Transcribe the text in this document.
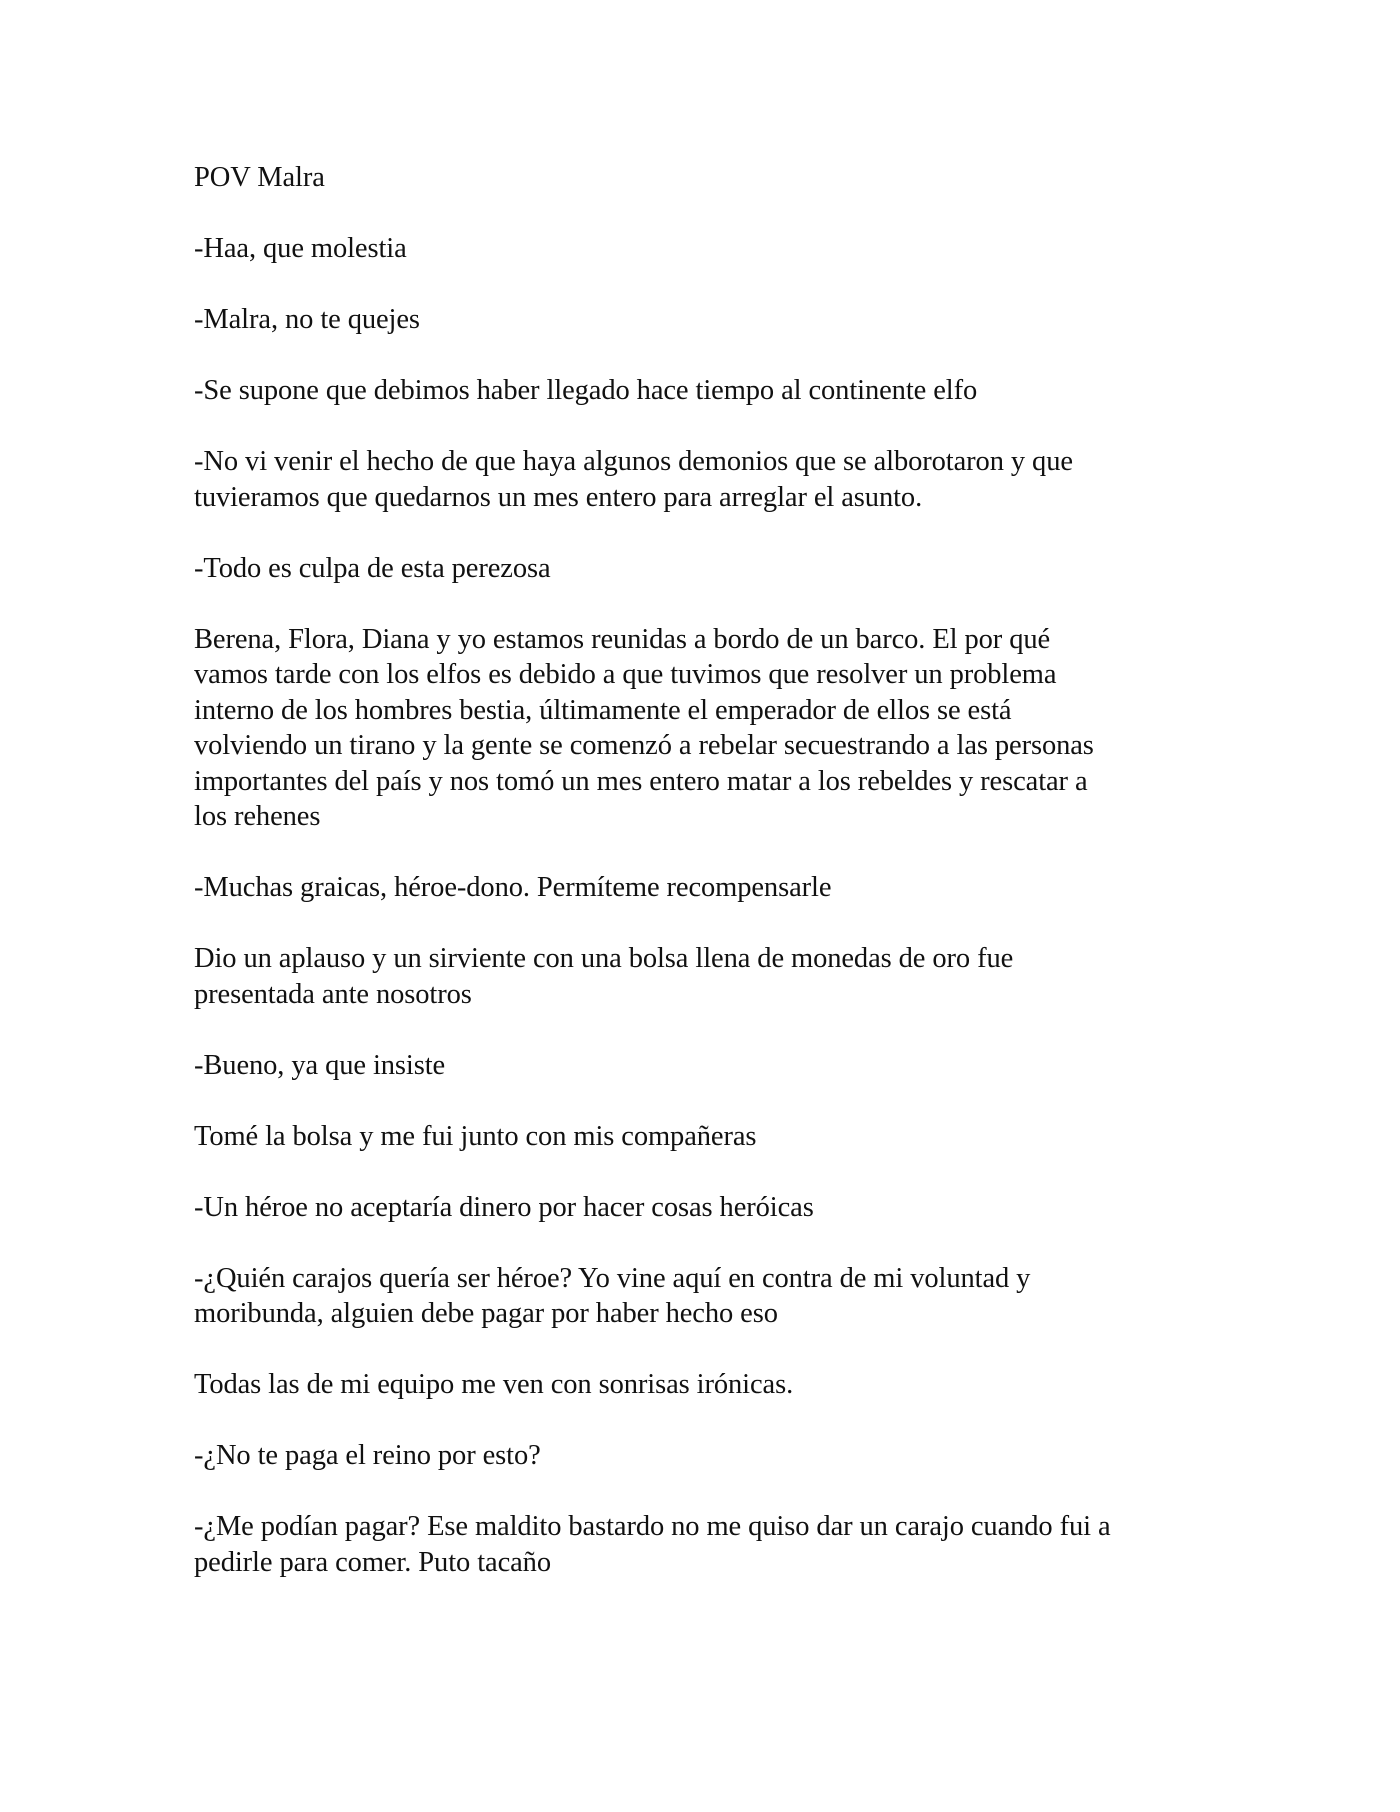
POV Malra

-Haa, que molestia

-Malra, no te quejes

-Se supone que debimos haber llegado hace tiempo al continente elfo

-No vi venir el hecho de que haya algunos demonios que se alborotaron y que
tuvieramos que quedarnos un mes entero para arreglar el asunto.

-Todo es culpa de esta perezosa

Berena, Flora, Diana y yo estamos reunidas a bordo de un barco. El por qué
vamos tarde con los elfos es debido a que tuvimos que resolver un problema
interno de los hombres bestia, últimamente el emperador de ellos se está
volviendo un tirano y la gente se comenzó a rebelar secuestrando a las personas
importantes del país y nos tomó un mes entero matar a los rebeldes y rescatar a
los rehenes

-Muchas graicas, héroe-dono. Permíteme recompensarle

Dio un aplauso y un sirviente con una bolsa llena de monedas de oro fue
presentada ante nosotros

-Bueno, ya que insiste

Tomé la bolsa y me fui junto con mis compañeras

-Un héroe no aceptaría dinero por hacer cosas heróicas

-¿Quién carajos quería ser héroe? Yo vine aquí en contra de mi voluntad y
moribunda, alguien debe pagar por haber hecho eso

Todas las de mi equipo me ven con sonrisas irónicas.

-¿No te paga el reino por esto?

-¿Me podían pagar? Ese maldito bastardo no me quiso dar un carajo cuando fui a
pedirle para comer. Puto tacaño
